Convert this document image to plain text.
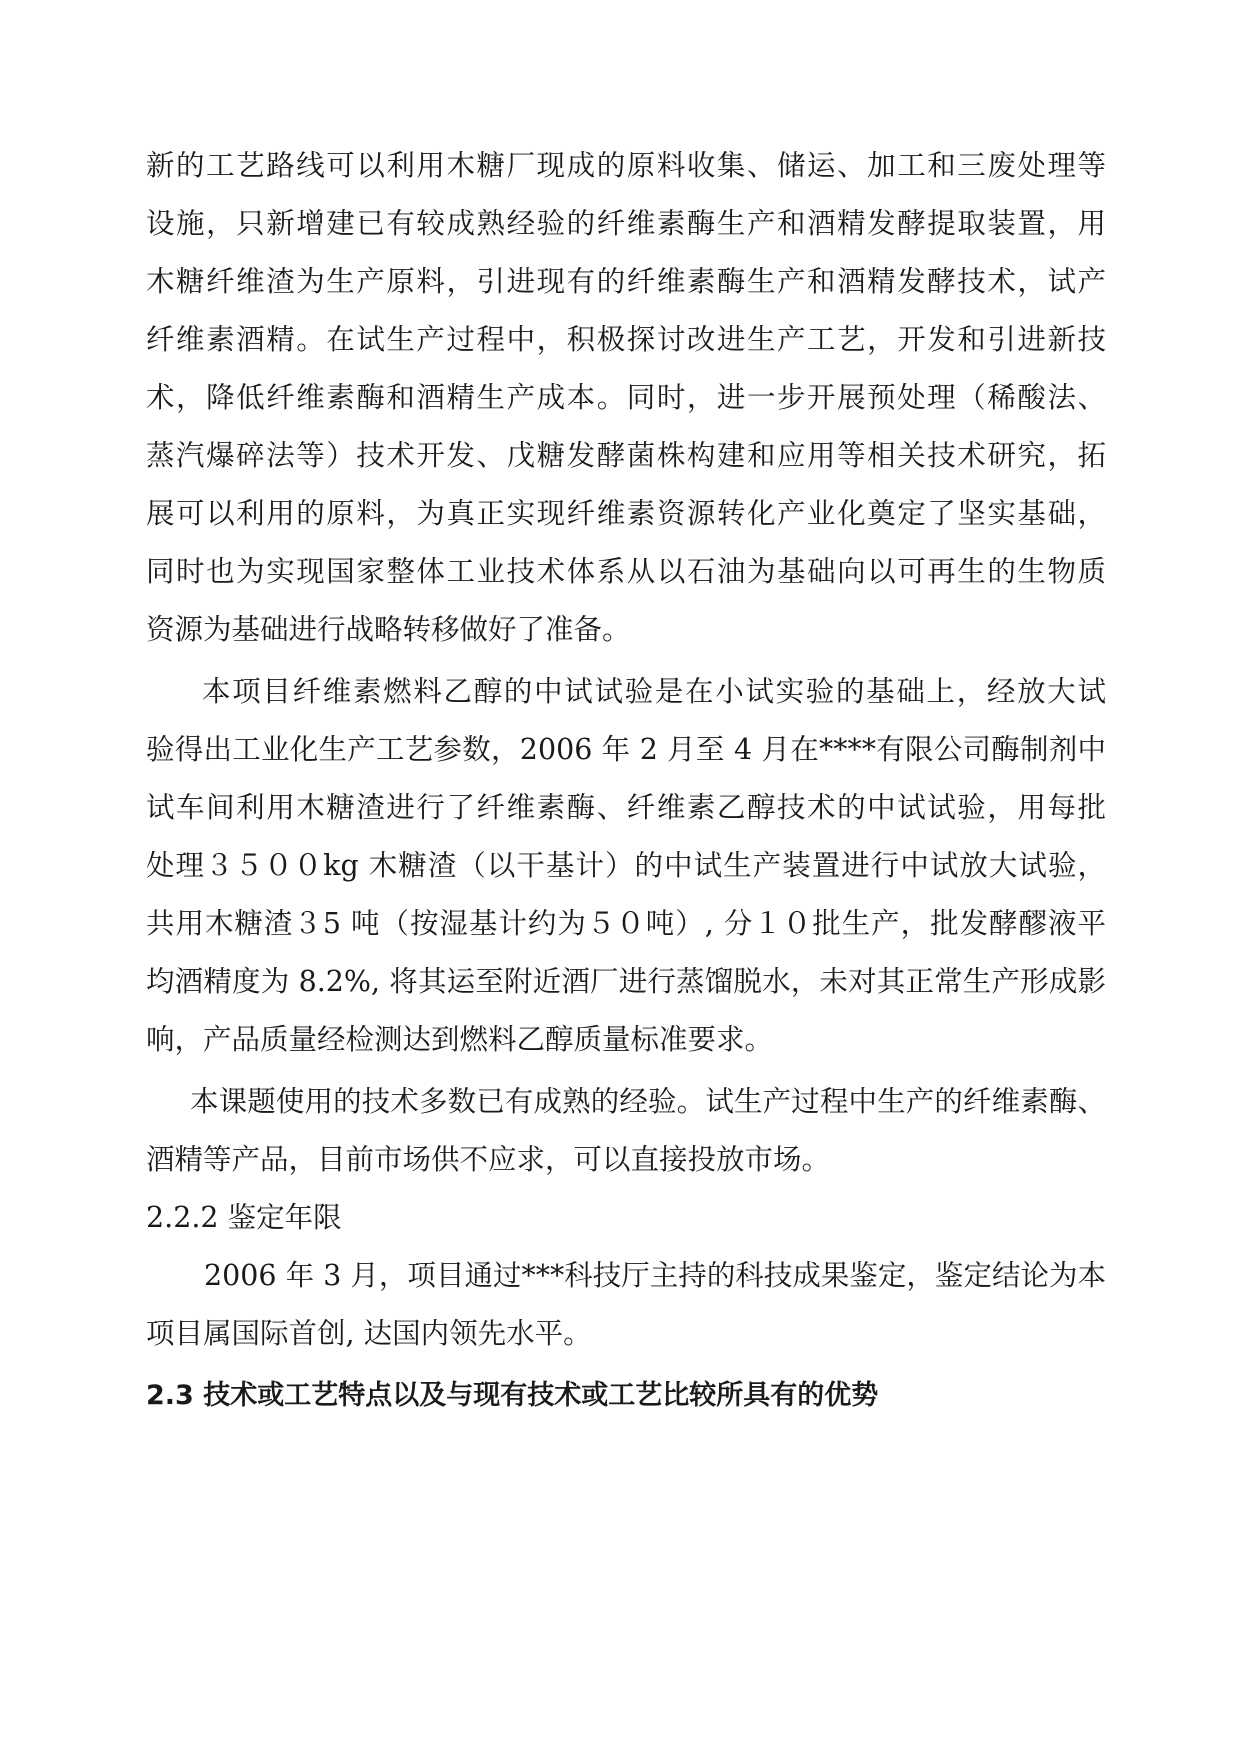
新的工艺路线可以利用木糖厂现成的原料收集、储运、加工和三废处理等
设施，只新增建已有较成熟经验的纤维素酶生产和酒精发酵提取装置，用
木糖纤维渣为生产原料，引进现有的纤维素酶生产和酒精发酵技术，试产
纤维素酒精。在试生产过程中，积极探讨改进生产工艺，开发和引进新技
术，降低纤维素酶和酒精生产成本。同时，进一步开展预处理（稀酸法、
蒸汽爆碎法等）技术开发、戊糖发酵菌株构建和应用等相关技术研究，拓
展可以利用的原料，为真正实现纤维素资源转化产业化奠定了坚实基础，
同时也为实现国家整体工业技术体系从以石油为基础向以可再生的生物质
资源为基础进行战略转移做好了准备。
本项目纤维素燃料乙醇的中试试验是在小试实验的基础上，经放大试
验得出工业化生产工艺参数，2006 年 2 月至 4 月在****有限公司酶制剂中
试车间利用木糖渣进行了纤维素酶、纤维素乙醇技术的中试试验，用每批
处理３５００kg 木糖渣（以干基计）的中试生产装置进行中试放大试验，
共用木糖渣３5 吨（按湿基计约为５０吨）, 分１０批生产，批发酵醪液平
均酒精度为 8.2%, 将其运至附近酒厂进行蒸馏脱水，未对其正常生产形成影
响，产品质量经检测达到燃料乙醇质量标准要求。
本课题使用的技术多数已有成熟的经验。试生产过程中生产的纤维素酶、
酒精等产品，目前市场供不应求，可以直接投放市场。
2.2.2 鉴定年限
2006 年 3 月，项目通过***科技厅主持的科技成果鉴定，鉴定结论为本
项目属国际首创, 达国内领先水平。
2.3 技术或工艺特点以及与现有技术或工艺比较所具有的优势
